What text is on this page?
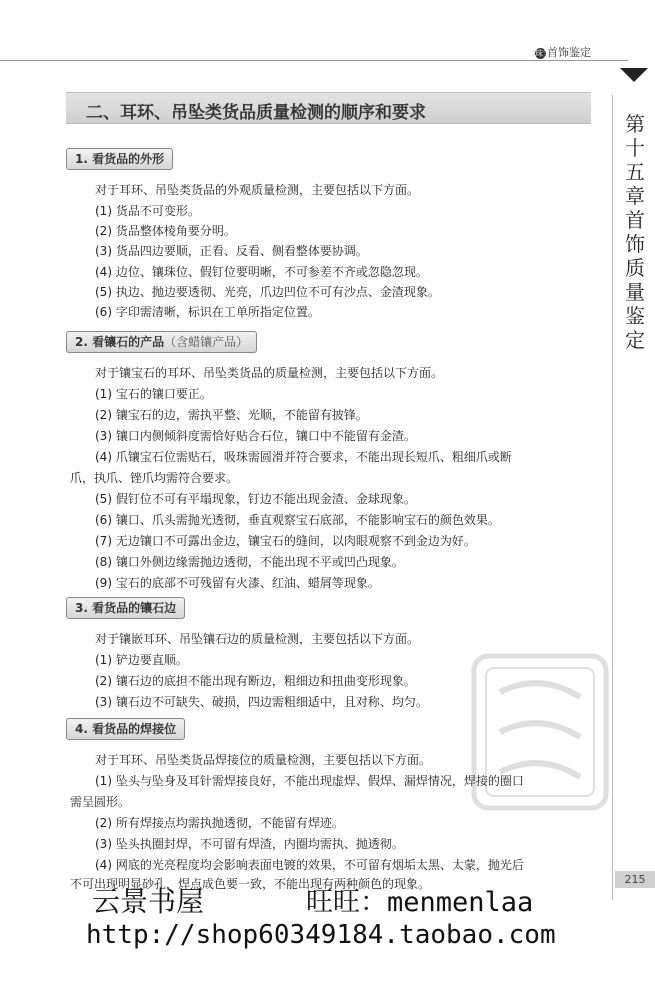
珠宝首饰鉴定
第十五章 首饰质量鉴定
二、耳环、吊坠类货品质量检测的顺序和要求
1. 看货品的外形
对于耳环、吊坠类货品的外观质量检测，主要包括以下方面。
(1) 货品不可变形。
(2) 货品整体棱角要分明。
(3) 货品四边要顺，正看、反看、侧看整体要协调。
(4) 边位、镶珠位、假钉位要明晰，不可参差不齐或忽隐忽现。
(5) 执边、抛边要透彻、光亮，爪边凹位不可有沙点、金渣现象。
(6) 字印需清晰，标识在工单所指定位置。
2. 看镶石的产品（含蜡镶产品）
对于镶宝石的耳环、吊坠类货品的质量检测，主要包括以下方面。
(1) 宝石的镶口要正。
(2) 镶宝石的边，需执平整、光顺，不能留有披锋。
(3) 镶口内侧倾斜度需恰好贴合石位，镶口中不能留有金渣。
(4) 爪镶宝石位需贴石，吸珠需圆滑并符合要求，不能出现长短爪、粗细爪或断
爪，执爪、锉爪均需符合要求。
(5) 假钉位不可有平塌现象，钉边不能出现金渣、金球现象。
(6) 镶口、爪头需抛光透彻，垂直观察宝石底部，不能影响宝石的颜色效果。
(7) 无边镶口不可露出金边，镶宝石的缝间，以肉眼观察不到金边为好。
(8) 镶口外侧边缘需抛边透彻，不能出现不平或凹凸现象。
(9) 宝石的底部不可残留有火漆、红油、蜡屑等现象。
3. 看货品的镶石边
对于镶嵌耳环、吊坠镶石边的质量检测，主要包括以下方面。
(1) 铲边要直顺。
(2) 镶石边的底担不能出现有断边，粗细边和扭曲变形现象。
(3) 镶石边不可缺失、破损，四边需粗细适中，且对称、均匀。
4. 看货品的焊接位
对于耳环、吊坠类货品焊接位的质量检测，主要包括以下方面。
(1) 坠头与坠身及耳针需焊接良好，不能出现虚焊、假焊、漏焊情况，焊接的圈口
需呈圆形。
(2) 所有焊接点均需执抛透彻，不能留有焊迹。
(3) 坠头执圈封焊，不可留有焊渣，内圈均需执、抛透彻。
(4) 网底的光亮程度均会影响表面电镀的效果，不可留有烟垢太黑、太蒙，抛光后
不可出现明显砂孔，焊点成色要一致，不能出现有两种颜色的现象。	215
云景书屋	旺旺：menmenlaa
http://shop60349184.taobao.com
